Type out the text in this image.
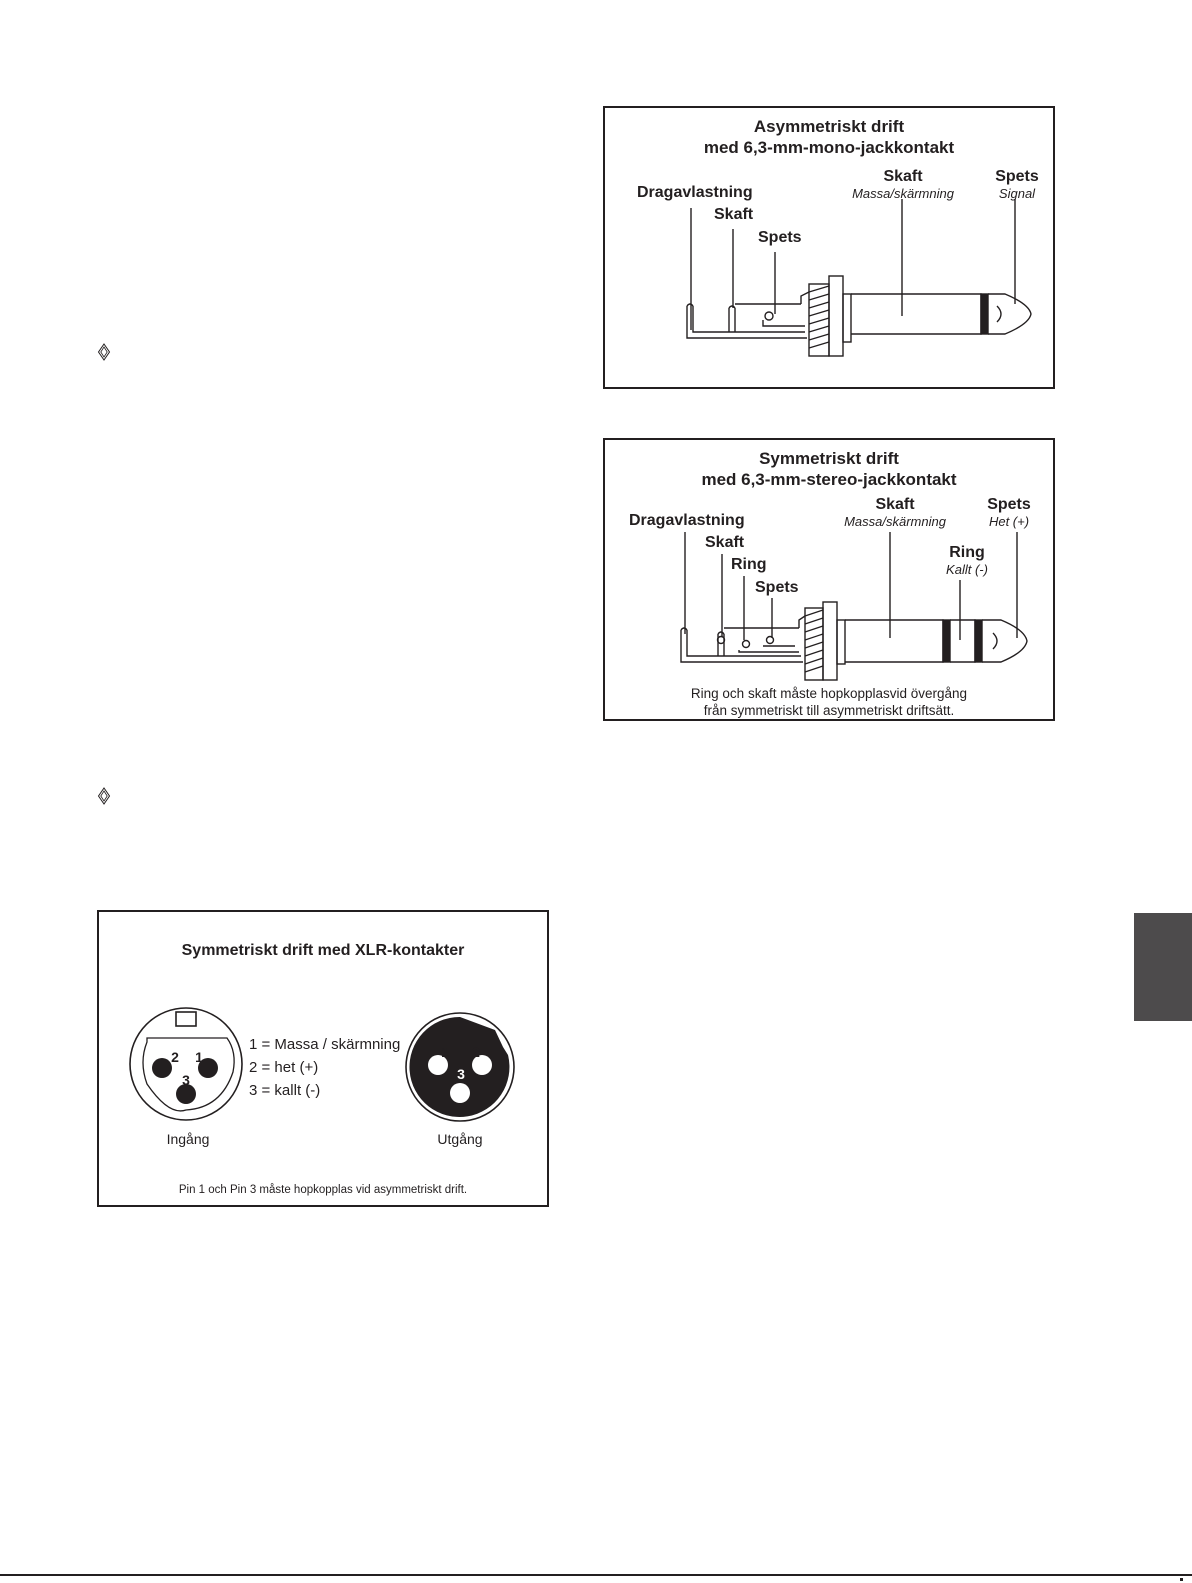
Asymmetriskt drift
med 6,3-mm-mono-jackkontakt
Skaft
Massa/skärmning
Spets
Signal
Dragavlastning
Skaft
Spets
Symmetriskt drift
med 6,3-mm-stereo-jackkontakt
Skaft
Massa/skärmning
Spets
Het (+)
Ring
Kallt (-)
Dragavlastning
Skaft
Ring
Spets
Ring och skaft måste hopkopplasvid övergång
från symmetriskt till asymmetriskt driftsätt.
Symmetriskt drift med XLR-kontakter
1 = Massa / skärmning
2 = het (+)
3 = kallt (-)
2 1
3
1 2
3
Ingång	Utgång
Pin 1 och Pin 3 måste hopkopplas vid asymmetriskt drift.
